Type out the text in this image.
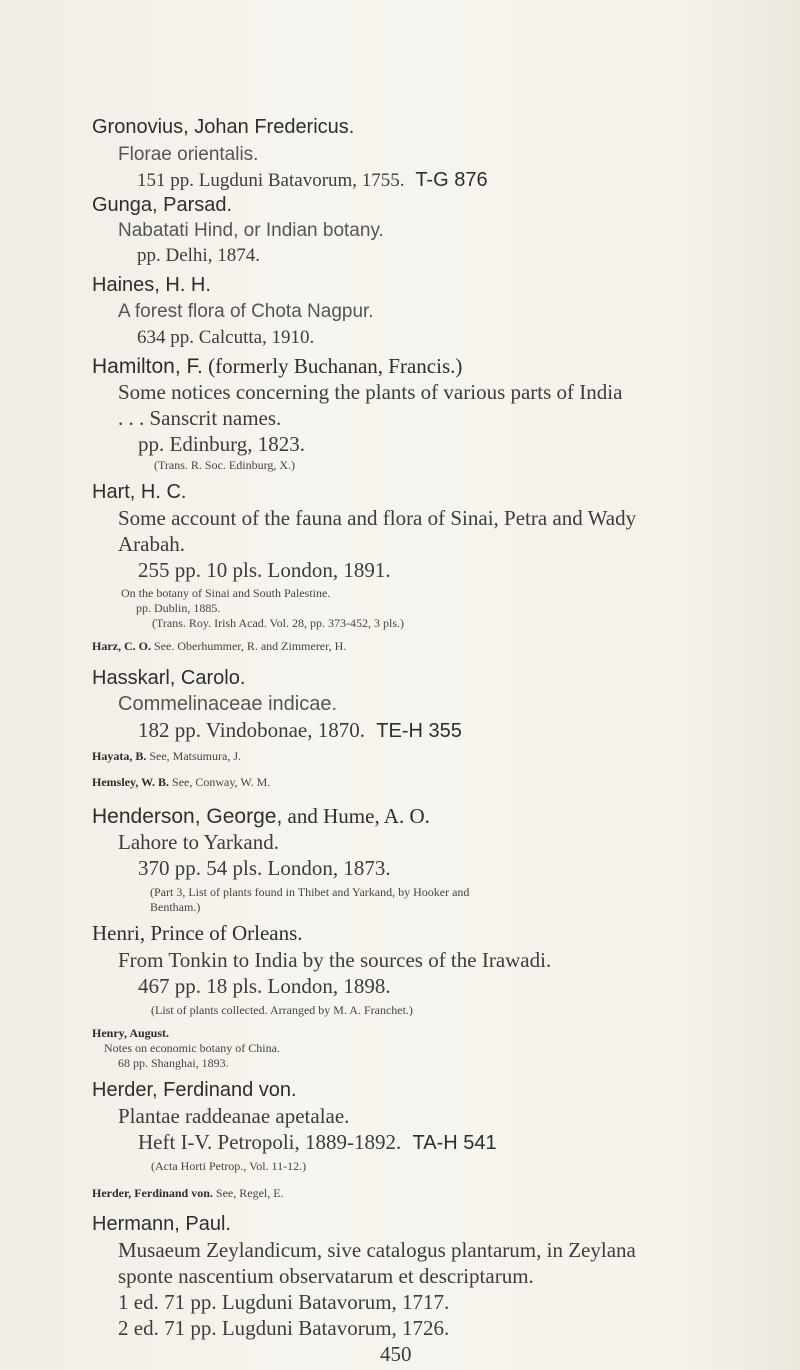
Gronovius, Johan Fredericus.
Florae orientalis.
151 pp. Lugduni Batavorum, 1755. T-G 876
Gunga, Parsad.
Nabatati Hind, or Indian botany.
pp. Delhi, 1874.
Haines, H. H.
A forest flora of Chota Nagpur.
634 pp. Calcutta, 1910.
Hamilton, F. (formerly Buchanan, Francis.)
Some notices concerning the plants of various parts of India
. . . Sanscrit names.
pp. Edinburg, 1823.
(Trans. R. Soc. Edinburg, X.)
Hart, H. C.
Some account of the fauna and flora of Sinai, Petra and Wady
Arabah.
255 pp. 10 pls. London, 1891.
On the botany of Sinai and South Palestine.
pp. Dublin, 1885.
(Trans. Roy. Irish Acad. Vol. 28, pp. 373-452, 3 pls.)
Harz, C. O. See. Oberhummer, R. and Zimmerer, H.
Hasskarl, Carolo.
Commelinaceae indicae.
182 pp. Vindobonae, 1870. TE-H 355
Hayata, B. See, Matsumura, J.
Hemsley, W. B. See, Conway, W. M.
Henderson, George, and Hume, A. O.
Lahore to Yarkand.
370 pp. 54 pls. London, 1873.
(Part 3, List of plants found in Thibet and Yarkand, by Hooker and
Bentham.)
Henri, Prince of Orleans.
From Tonkin to India by the sources of the Irawadi.
467 pp. 18 pls. London, 1898.
(List of plants collected. Arranged by M. A. Franchet.)
Henry, August.
Notes on economic botany of China.
68 pp. Shanghai, 1893.
Herder, Ferdinand von.
Plantae raddeanae apetalae.
Heft I-V. Petropoli, 1889-1892. TA-H 541
(Acta Horti Petrop., Vol. 11-12.)
Herder, Ferdinand von. See, Regel, E.
Hermann, Paul.
Musaeum Zeylandicum, sive catalogus plantarum, in Zeylana
sponte nascentium observatarum et descriptarum.
1 ed. 71 pp. Lugduni Batavorum, 1717.
2 ed. 71 pp. Lugduni Batavorum, 1726.
450
